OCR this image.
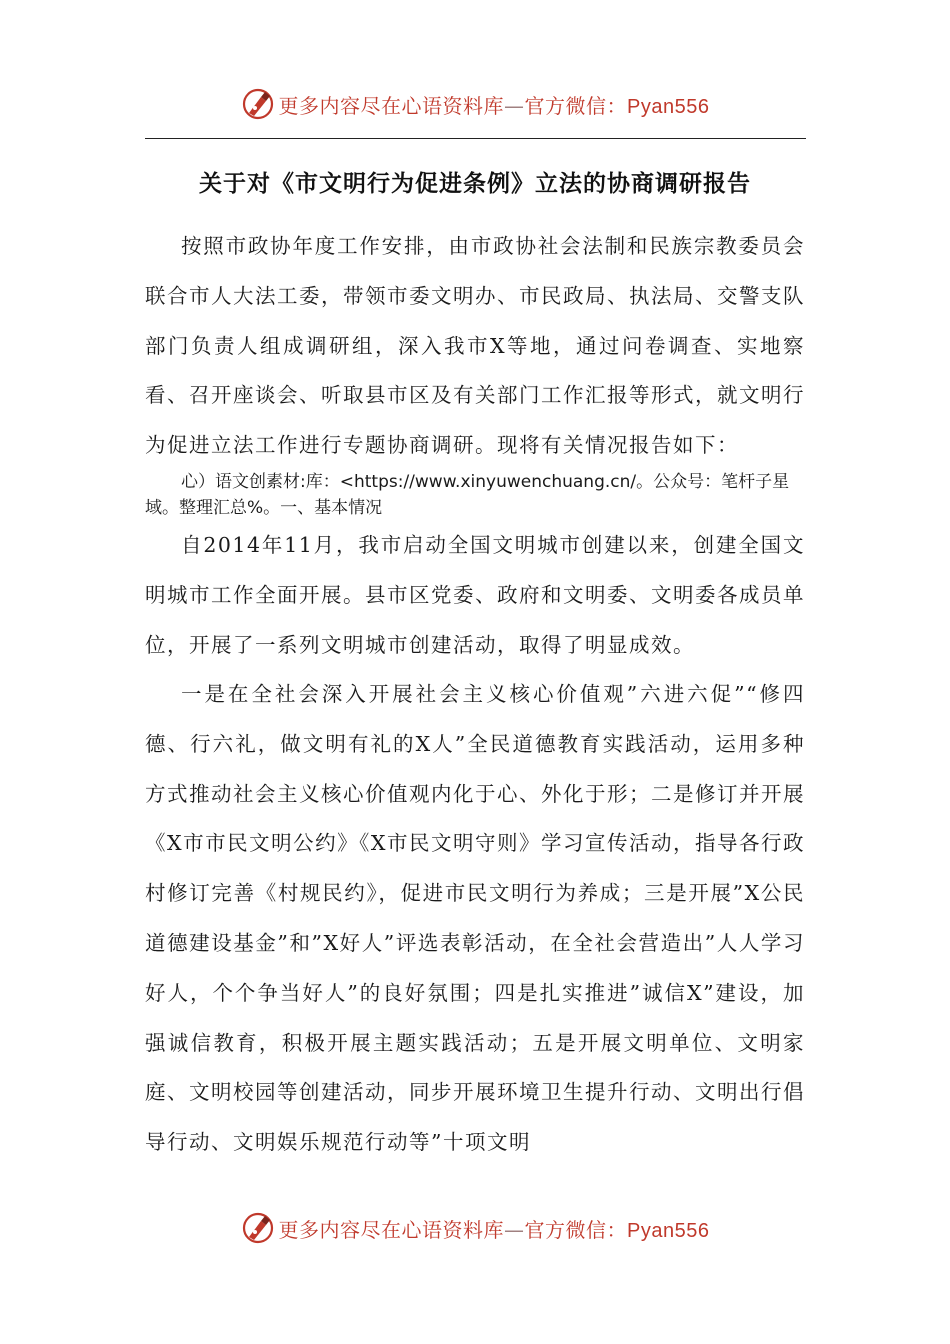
更多内容尽在心语资料库—官方微信：Pyan556
关于对《市文明行为促进条例》立法的协商调研报告

按照市政协年度工作安排，由市政协社会法制和民族宗教委员会联合市人大法工委，带领市委文明办、市民政局、执法局、交警支队部门负责人组成调研组，深入我市X等地，通过问卷调查、实地察看、召开座谈会、听取县市区及有关部门工作汇报等形式，就文明行为促进立法工作进行专题协商调研。现将有关情况报告如下：

心）语文创素材:库：<https://www.xinyuwenchuang.cn/。公众号：笔杆子星域。整理汇总%。一、基本情况

自2014年11月，我市启动全国文明城市创建以来，创建全国文明城市工作全面开展。县市区党委、政府和文明委、文明委各成员单位，开展了一系列文明城市创建活动，取得了明显成效。

一是在全社会深入开展社会主义核心价值观”六进六促”“修四德、行六礼，做文明有礼的X人”全民道德教育实践活动，运用多种方式推动社会主义核心价值观内化于心、外化于形；二是修订并开展《X市市民文明公约》《X市民文明守则》学习宣传活动，指导各行政村修订完善《村规民约》，促进市民文明行为养成；三是开展”X公民道德建设基金”和”X好人”评选表彰活动，在全社会营造出”人人学习好人，个个争当好人”的良好氛围；四是扎实推进”诚信X”建设，加强诚信教育，积极开展主题实践活动；五是开展文明单位、文明家庭、文明校园等创建活动，同步开展环境卫生提升行动、文明出行倡导行动、文明娱乐规范行动等”十项文明

更多内容尽在心语资料库—官方微信：Pyan556
